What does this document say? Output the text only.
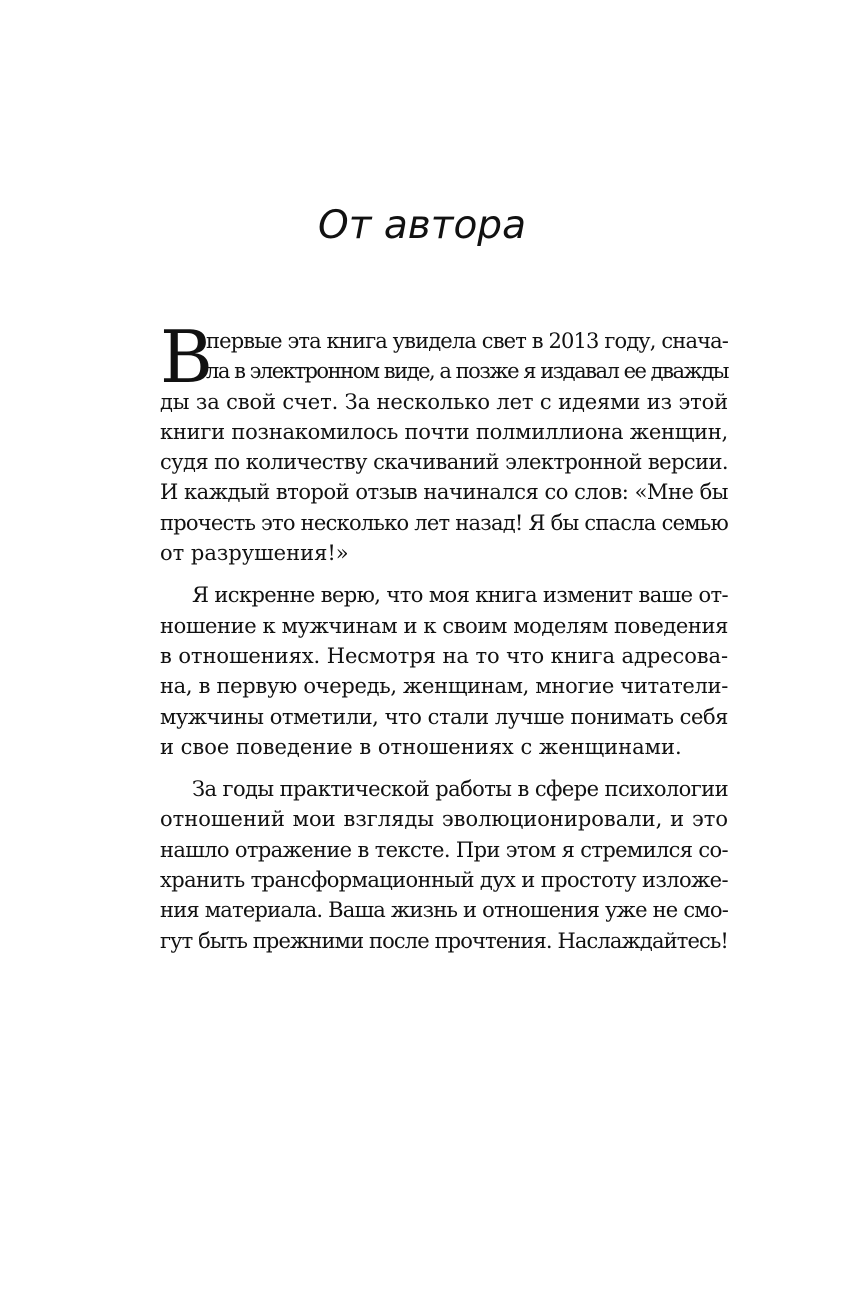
От автора
В
первые эта книга увидела свет в 2013 году, снача-
ла в электронном виде, а позже я издавал ее дважды
ды за свой счет. За несколько лет с идеями из этой
книги познакомилось почти полмиллиона женщин,
судя по количеству скачиваний электронной версии.
И каждый второй отзыв начинался со слов: «Мне бы
прочесть это несколько лет назад! Я бы спасла семью
от разрушения!»
Я искренне верю, что моя книга изменит ваше от-
ношение к мужчинам и к своим моделям поведения
в отношениях. Несмотря на то что книга адресова-
на, в первую очередь, женщинам, многие читатели-
мужчины отметили, что стали лучше понимать себя
и свое поведение в отношениях с женщинами.
За годы практической работы в сфере психологии
отношений мои взгляды эволюционировали, и это
нашло отражение в тексте. При этом я стремился со-
хранить трансформационный дух и простоту изложе-
ния материала. Ваша жизнь и отношения уже не смо-
гут быть прежними после прочтения. Наслаждайтесь!
